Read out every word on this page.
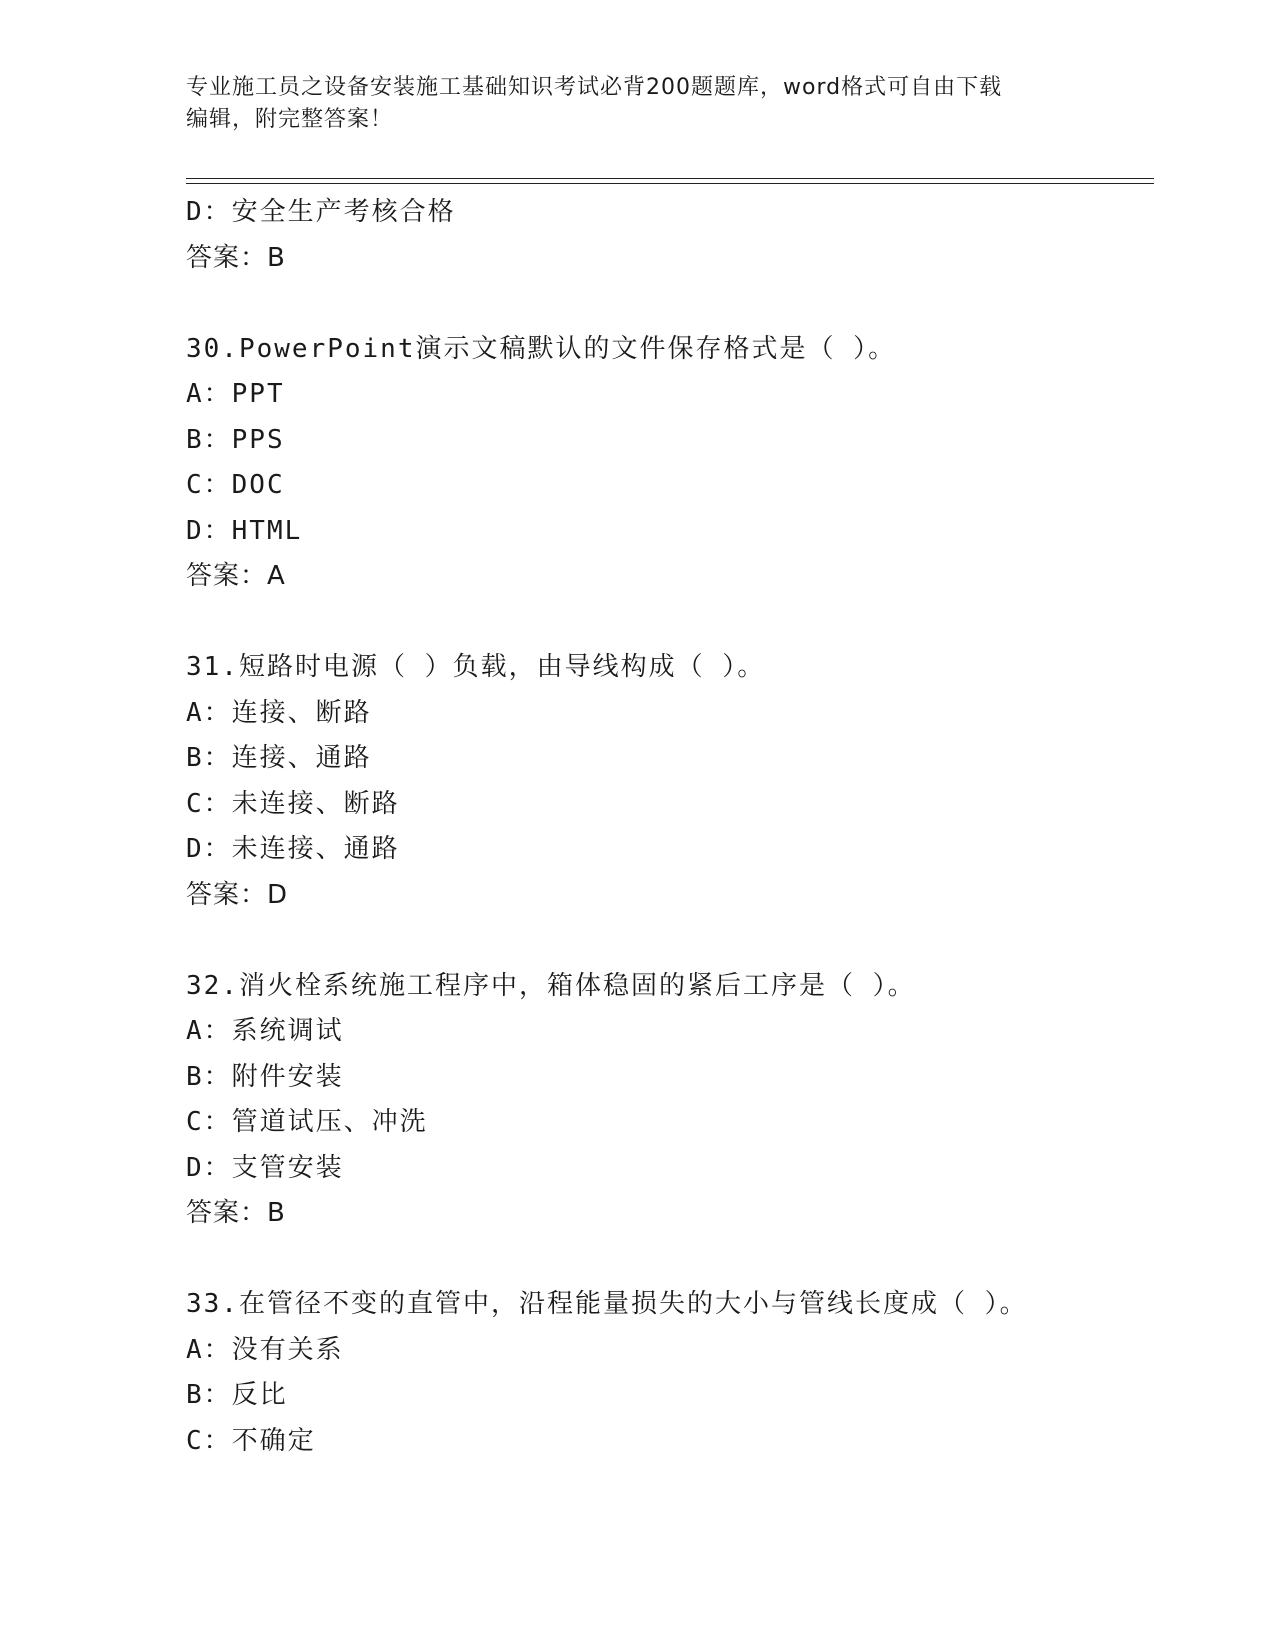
专业施工员之设备安装施工基础知识考试必背200题题库，word格式可自由下载
编辑，附完整答案！
D：安全生产考核合格
答案：B
30.PowerPoint演示文稿默认的文件保存格式是（ ）。
A：PPT
B：PPS
C：DOC
D：HTML
答案：A
31.短路时电源（ ）负载，由导线构成（ ）。
A：连接、断路
B：连接、通路
C：未连接、断路
D：未连接、通路
答案：D
32.消火栓系统施工程序中，箱体稳固的紧后工序是（ ）。
A：系统调试
B：附件安装
C：管道试压、冲洗
D：支管安装
答案：B
33.在管径不变的直管中，沿程能量损失的大小与管线长度成（ ）。
A：没有关系
B：反比
C：不确定
